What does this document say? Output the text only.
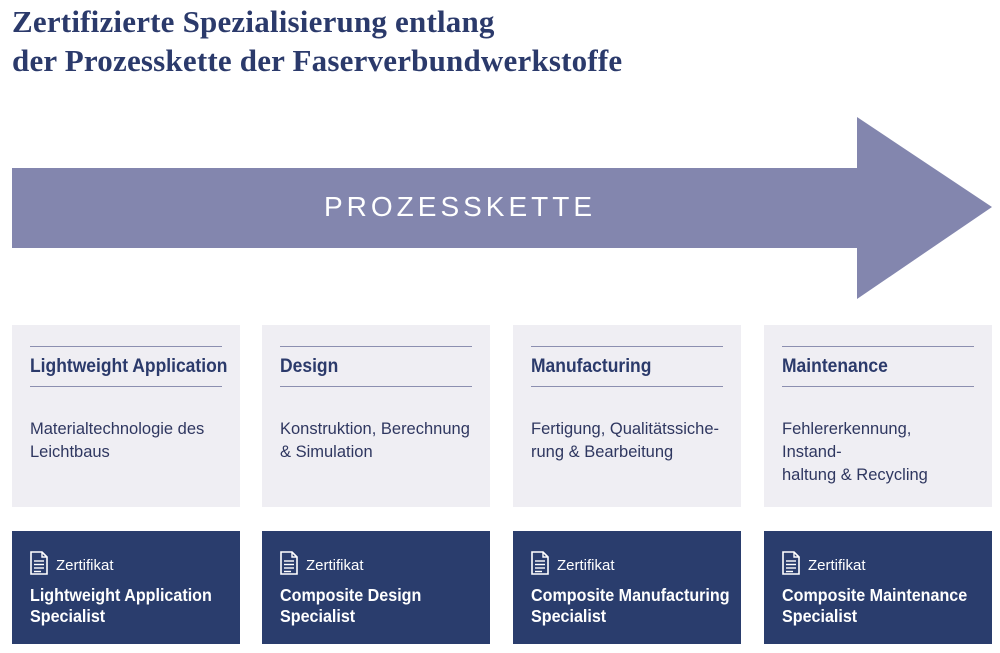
Zertifizierte Spezialisierung entlang
der Prozesskette der Faserverbundwerkstoffe
PROZESSKETTE
Lightweight Application
Materialtechnologie des
Leichtbaus
Zertifikat
Lightweight Application
Specialist
Design
Konstruktion, Berechnung
& Simulation
Zertifikat
Composite Design
Specialist
Manufacturing
Fertigung, Qualitätssiche-
rung & Bearbeitung
Zertifikat
Composite Manufacturing
Specialist
Maintenance
Fehlererkennung, Instand-
haltung & Recycling
Zertifikat
Composite Maintenance
Specialist
